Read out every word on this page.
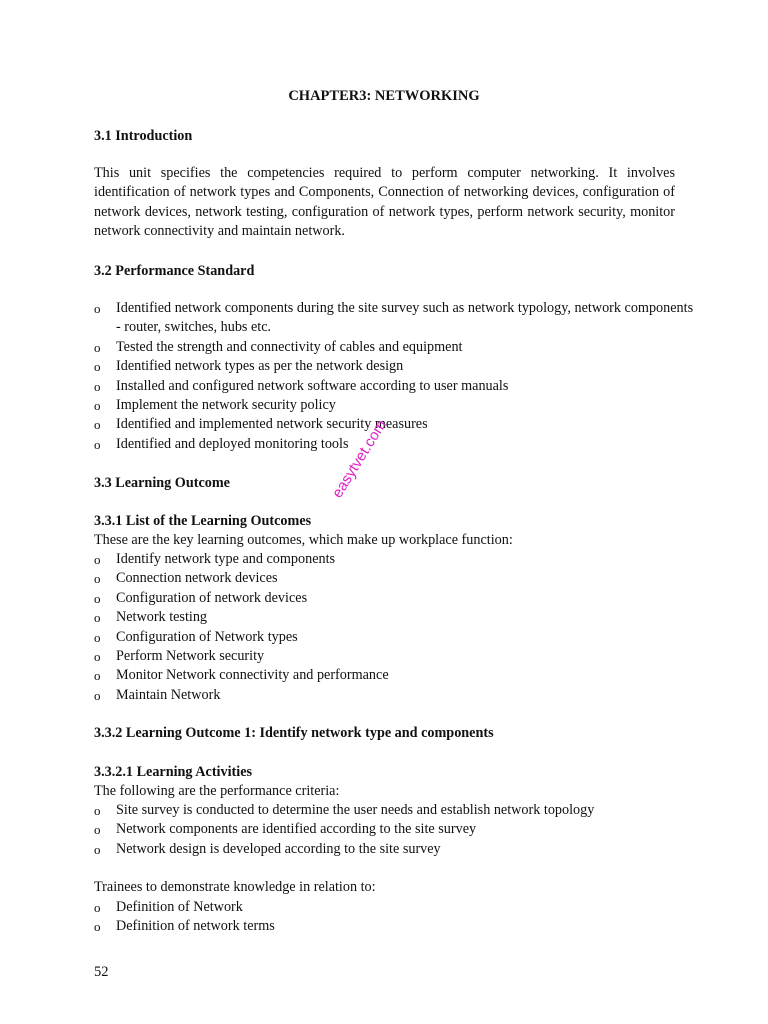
CHAPTER3: NETWORKING
3.1 Introduction
This unit specifies the competencies required to perform computer networking. It involves identification of network types and Components, Connection of networking devices, configuration of network devices, network testing, configuration of network types, perform network security, monitor network connectivity and maintain network.
3.2 Performance Standard
o Identified network components during the site survey such as network typology, network components - router, switches, hubs etc.
o Tested the strength and connectivity of cables and equipment
o Identified network types as per the network design
o Installed and configured network software according to user manuals
o Implement the network security policy
o Identified and implemented network security measures
o Identified and deployed monitoring tools
3.3 Learning Outcome
3.3.1 List of the Learning Outcomes
These are the key learning outcomes, which make up workplace function:
o Identify network type and components
o Connection network devices
o Configuration of network devices
o Network testing
o Configuration of Network types
o Perform Network security
o Monitor Network connectivity and performance
o Maintain Network
3.3.2 Learning Outcome 1: Identify network type and components
3.3.2.1 Learning Activities
The following are the performance criteria:
o Site survey is conducted to determine the user needs and establish network topology
o Network components are identified according to the site survey
o Network design is developed according to the site survey
Trainees to demonstrate knowledge in relation to:
o Definition of Network
o Definition of network terms
easytvet.com
52
